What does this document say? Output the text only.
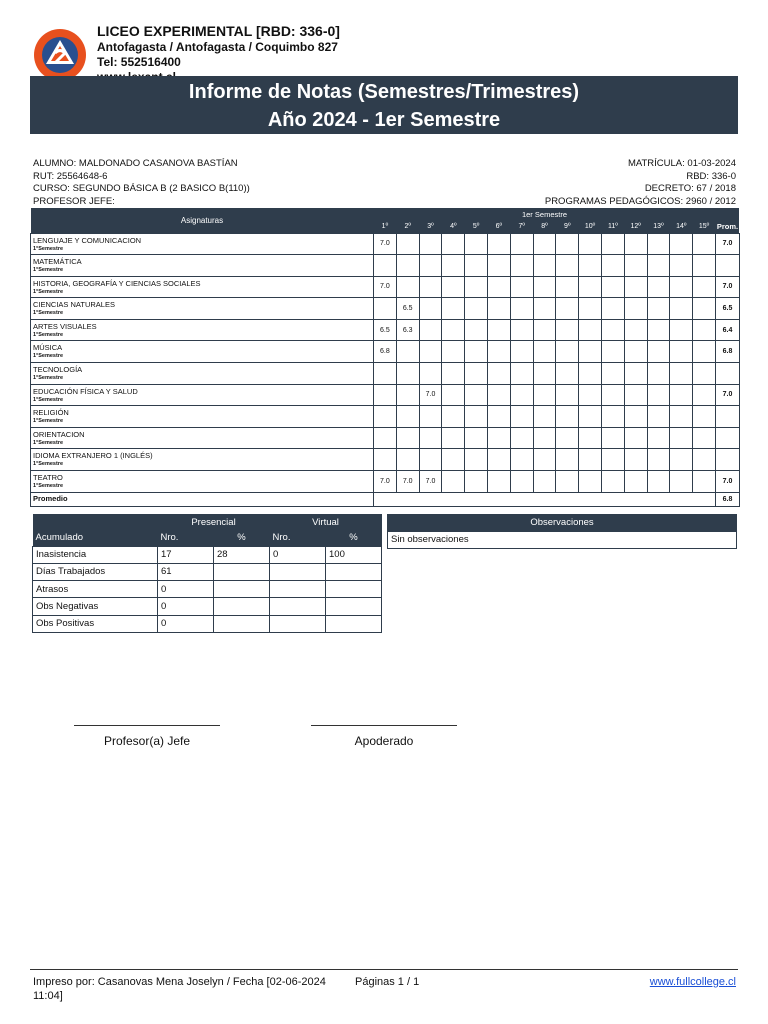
LICEO EXPERIMENTAL [RBD: 336-0]
Antofagasta / Antofagasta / Coquimbo 827
Tel: 552516400
Informe de Notas (Semestres/Trimestres)
Año 2024 - 1er Semestre
ALUMNO: MALDONADO CASANOVA BASTÍAN
RUT: 25564648-6
CURSO: SEGUNDO BÁSICA B (2 BASICO B(110))
PROFESOR JEFE:
MATRÍCULA: 01-03-2024
RBD: 336-0
DECRETO: 67 / 2018
PROGRAMAS PEDAGÓGICOS: 2960 / 2012
Asignaturas	1er Semestre															
	1º	2º	3º	4º	5º	6º	7º	8º	9º	10º	11º	12º	13º	14º	15º	Prom.

LENGUAJE Y COMUNICACION
1°Semestre	7.0															7.0

MATEMÁTICA
1°Semestre																

HISTORIA, GEOGRAFÍA Y CIENCIAS SOCIALES
1°Semestre	7.0															7.0

CIENCIAS NATURALES
1°Semestre		6.5														6.5

ARTES VISUALES
1°Semestre	6.5	6.3														6.4

MÚSICA
1°Semestre	6.8															6.8

TECNOLOGÍA
1°Semestre																

EDUCACIÓN FÍSICA Y SALUD
1°Semestre			7.0													7.0

RELIGIÓN
1°Semestre																

ORIENTACION
1°Semestre																

IDIOMA EXTRANJERO 1 (INGLÉS)
1°Semestre																

TEATRO
1°Semestre	7.0	7.0	7.0													7.0
Promedio																6.8
	Presencial		Virtual	
Acumulado	Nro.	%	Nro.	%
Inasistencia	17	28	0	100
Días Trabajados	61			
Atrasos	0			
Obs Negativas	0			
Obs Positivas	0			
Observaciones
Sin observaciones
Profesor(a) Jefe	Apoderado
Impreso por: Casanovas Mena Joselyn / Fecha [02-06-2024
11:04]
Páginas 1 / 1	www.fullcollege.cl
